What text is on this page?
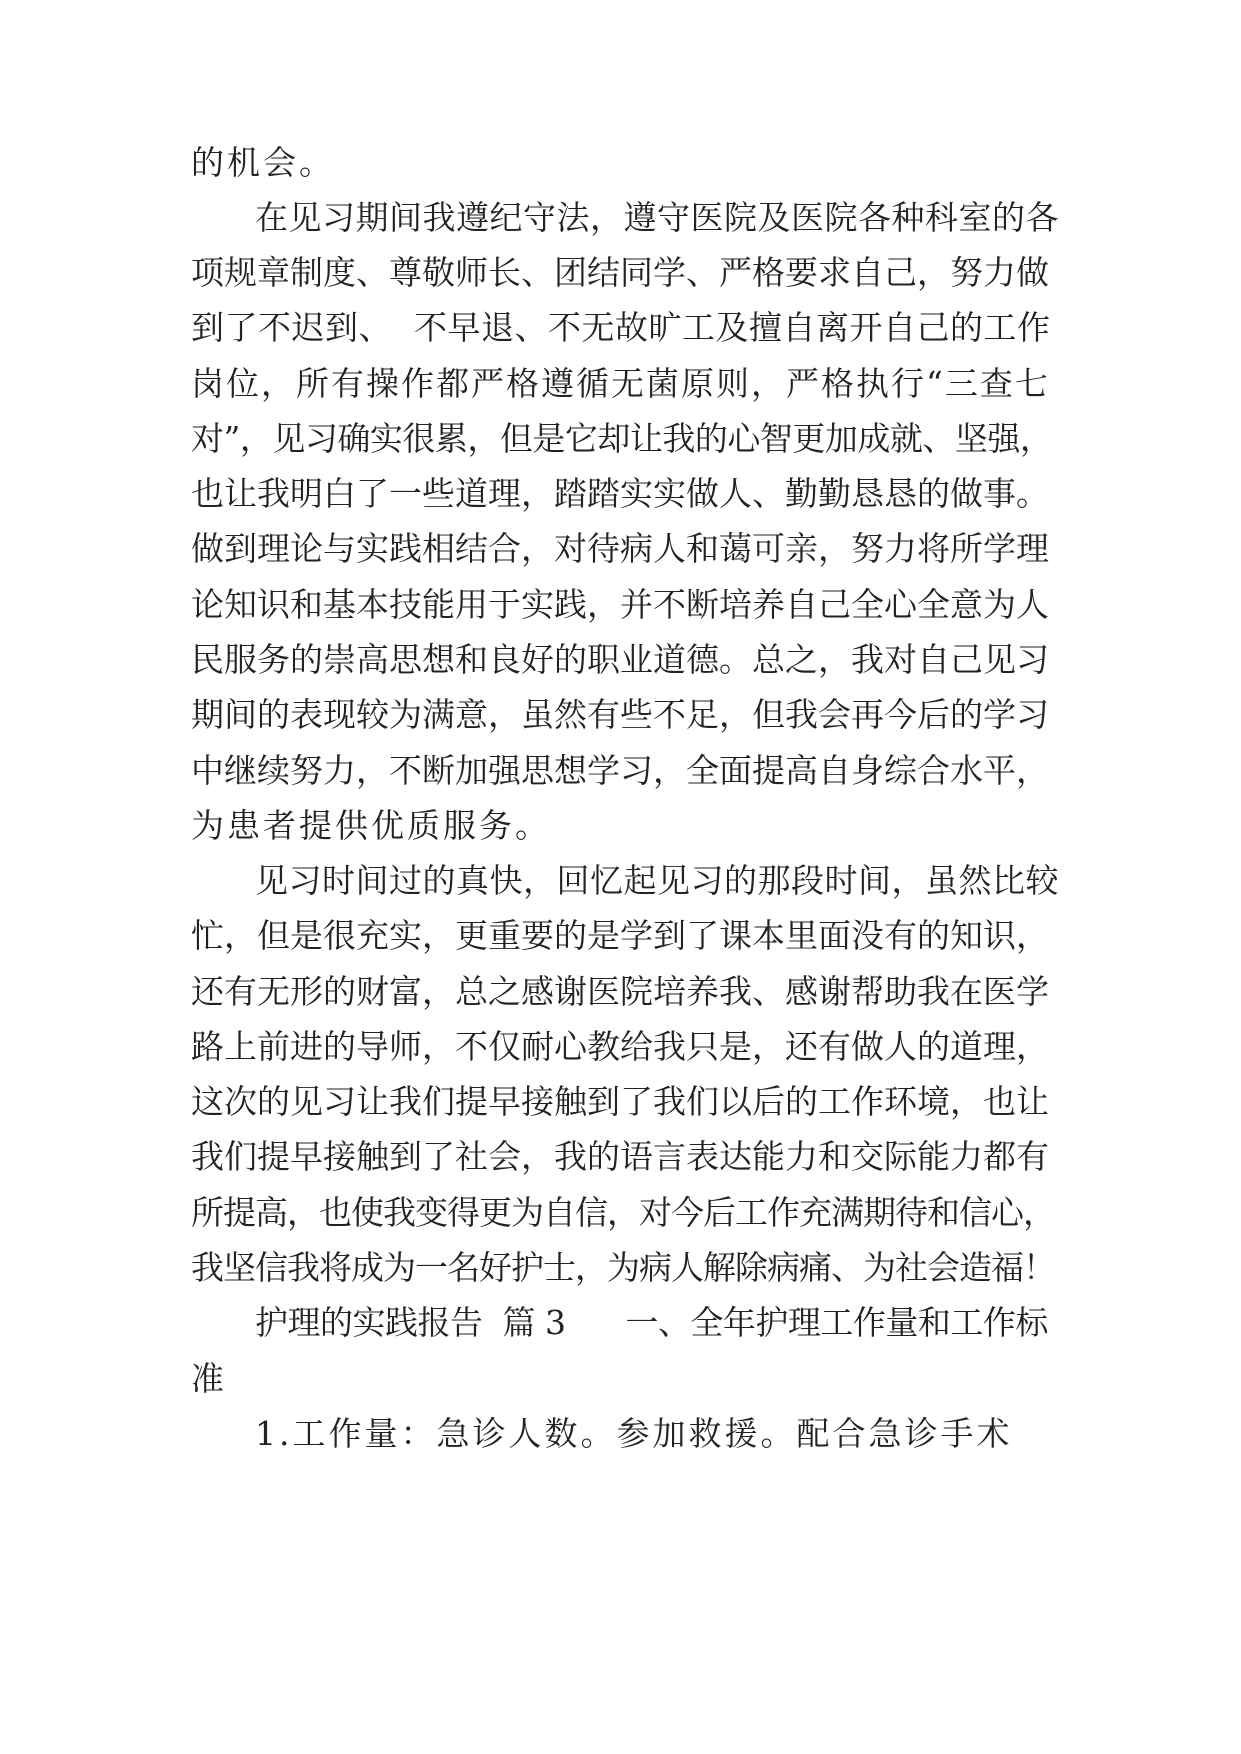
的机会。
在见习期间我遵纪守法，遵守医院及医院各种科室的各
项规章制度、尊敬师长、团结同学、严格要求自己，努力做
到了不迟到、  不早退、不无故旷工及擅自离开自己的工作
岗位，所有操作都严格遵循无菌原则，严格执行“三查七
对”，见习确实很累，但是它却让我的心智更加成就、坚强，
也让我明白了一些道理，踏踏实实做人、勤勤恳恳的做事。
做到理论与实践相结合，对待病人和蔼可亲，努力将所学理
论知识和基本技能用于实践，并不断培养自己全心全意为人
民服务的崇高思想和良好的职业道德。总之，我对自己见习
期间的表现较为满意，虽然有些不足，但我会再今后的学习
中继续努力，不断加强思想学习，全面提高自身综合水平，
为患者提供优质服务。
见习时间过的真快，回忆起见习的那段时间，虽然比较
忙，但是很充实，更重要的是学到了课本里面没有的知识，
还有无形的财富，总之感谢医院培养我、感谢帮助我在医学
路上前进的导师，不仅耐心教给我只是，还有做人的道理，
这次的见习让我们提早接触到了我们以后的工作环境，也让
我们提早接触到了社会，我的语言表达能力和交际能力都有
所提高，也使我变得更为自信，对今后工作充满期待和信心，
我坚信我将成为一名好护士，为病人解除病痛、为社会造福！
护理的实践报告  篇 3      一、全年护理工作量和工作标
准
1.工作量：急诊人数。参加救援。配合急诊手术
